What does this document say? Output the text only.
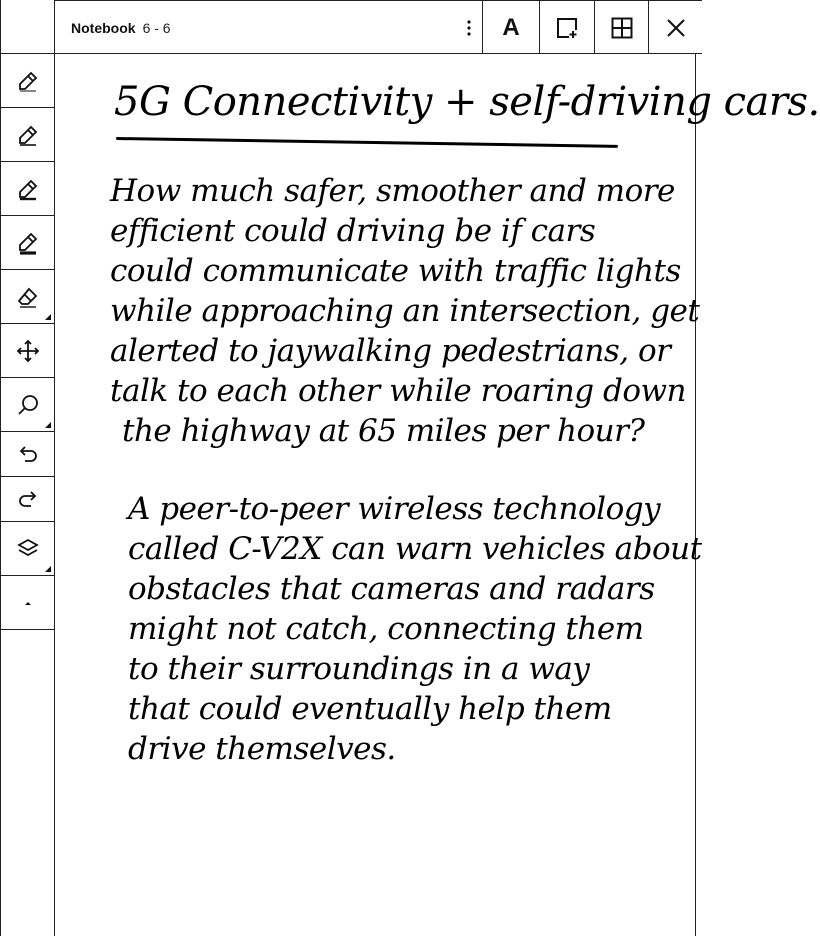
Notebook 6 - 6	A
5G Connectivity + self-driving cars.
How much safer, smoother and more
efficient could driving be if cars
could communicate with traffic lights
while approaching an intersection, get
alerted to jaywalking pedestrians, or
talk to each other while roaring down
the highway at 65 miles per hour?
A peer-to-peer wireless technology
called C-V2X can warn vehicles about
obstacles that cameras and radars
might not catch, connecting them
to their surroundings in a way
that could eventually help them
drive themselves.
